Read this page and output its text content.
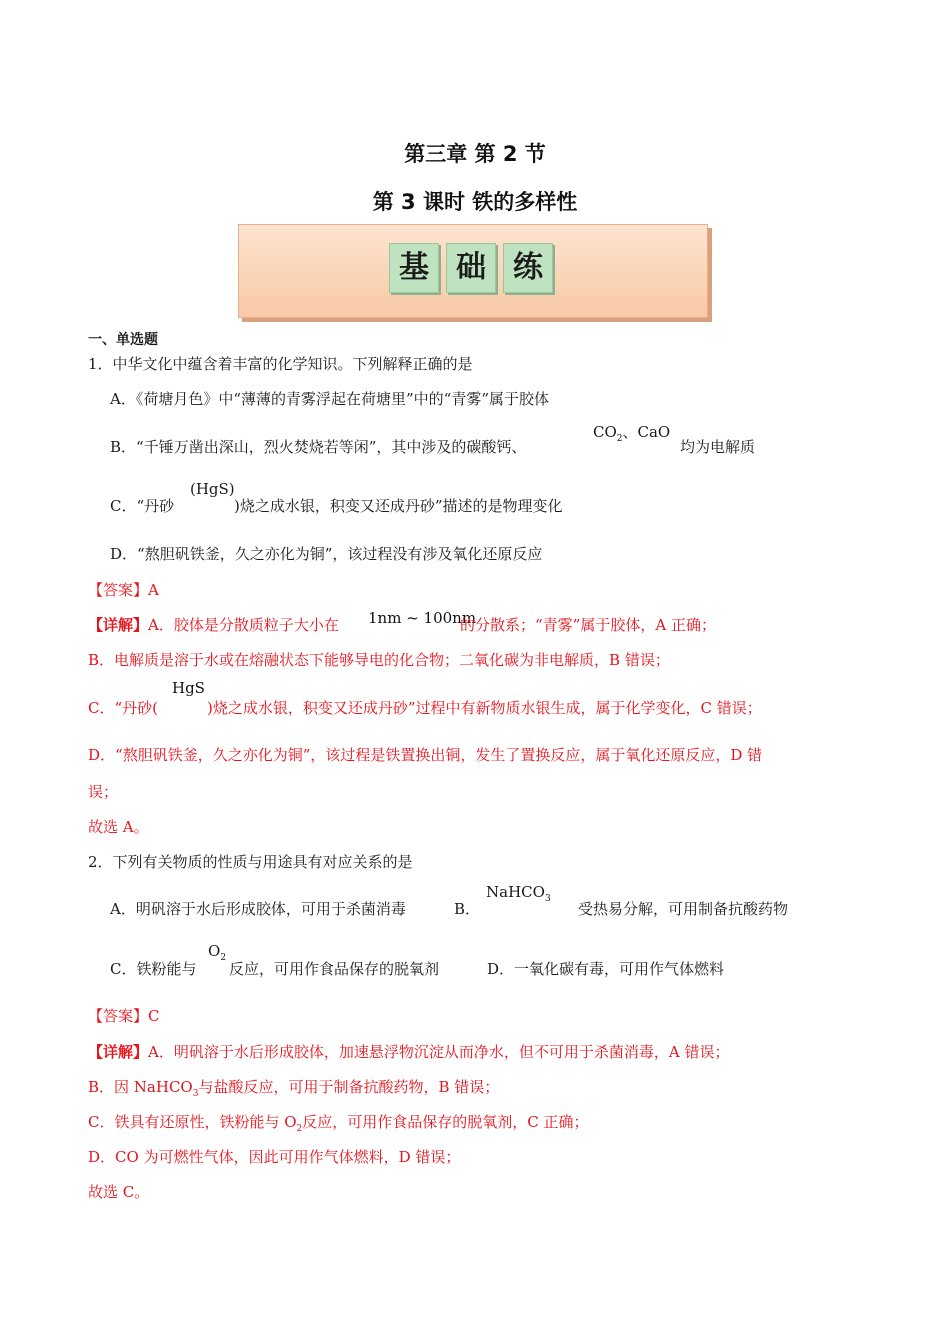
第三章 第 2 节
第 3 课时 铁的多样性
基 础 练
一、单选题
1．中华文化中蕴含着丰富的化学知识。下列解释正确的是
A．《荷塘月色》中“薄薄的青雾浮起在荷塘里”中的“青雾”属于胶体
B．“千锤万凿出深山，烈火焚烧若等闲”，其中涉及的碳酸钙、
$CO_2$、CaO
均为电解质
C．“丹砂
(HgS)
)烧之成水银，积变又还成丹砂”描述的是物理变化
D．“熬胆矾铁釜，久之亦化为铜”，该过程没有涉及氧化还原反应
【答案】A
【详解】A．胶体是分散质粒子大小在 1nm ~ 100nm
的分散系；“青雾”属于胶体，A 正确；
B．电解质是溶于水或在熔融状态下能够导电的化合物；二氧化碳为非电解质，B 错误；
C．“丹砂(
HgS
)烧之成水银，积变又还成丹砂”过程中有新物质水银生成，属于化学变化，C 错误；
D．“熬胆矾铁釜，久之亦化为铜”，该过程是铁置换出铜，发生了置换反应，属于氧化还原反应，D 错
误；
故选 A。
2．下列有关物质的性质与用途具有对应关系的是
A．明矾溶于水后形成胶体，可用于杀菌消毒	B．
NaHCO$_3$
受热易分解，可用制备抗酸药物
C．铁粉能与
$O_2$
反应，可用作食品保存的脱氧剂	D．一氧化碳有毒，可用作气体燃料
【答案】C
【详解】A．明矾溶于水后形成胶体，加速悬浮物沉淀从而净水，但不可用于杀菌消毒，A 错误；
B．因 NaHCO$_3$与盐酸反应，可用于制备抗酸药物，B 错误；
C．铁具有还原性，铁粉能与 $O_2$反应，可用作食品保存的脱氧剂，C 正确；
D．CO 为可燃性气体，因此可用作气体燃料，D 错误；
故选 C。
